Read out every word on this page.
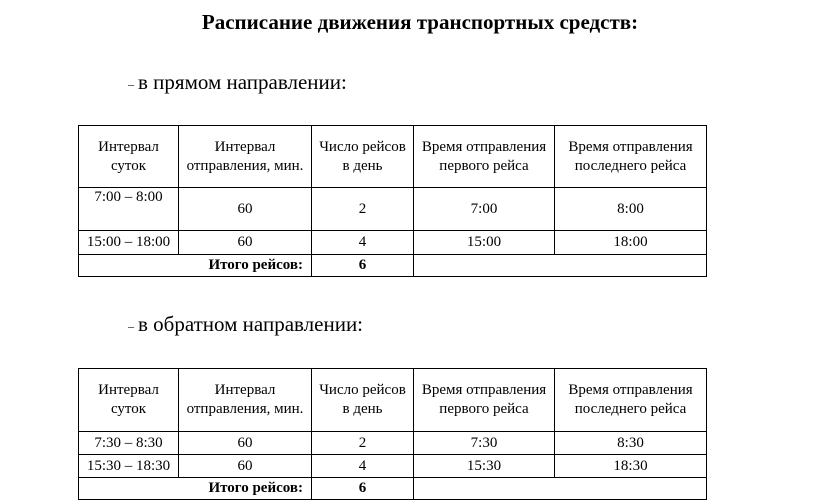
Расписание движения транспортных средств:
– в прямом направлении:
Интервал суток	Интервал отправления, мин.	Число рейсов в день	Время отправления первого рейса	Время отправления последнего рейса
7:00 – 8:00	60	2	7:00	8:00
15:00 – 18:00	60	4	15:00	18:00
Итого рейсов:		6		
– в обратном направлении:
Интервал суток	Интервал отправления, мин.	Число рейсов в день	Время отправления первого рейса	Время отправления последнего рейса
7:30 – 8:30	60	2	7:30	8:30
15:30 – 18:30	60	4	15:30	18:30
Итого рейсов:		6		
